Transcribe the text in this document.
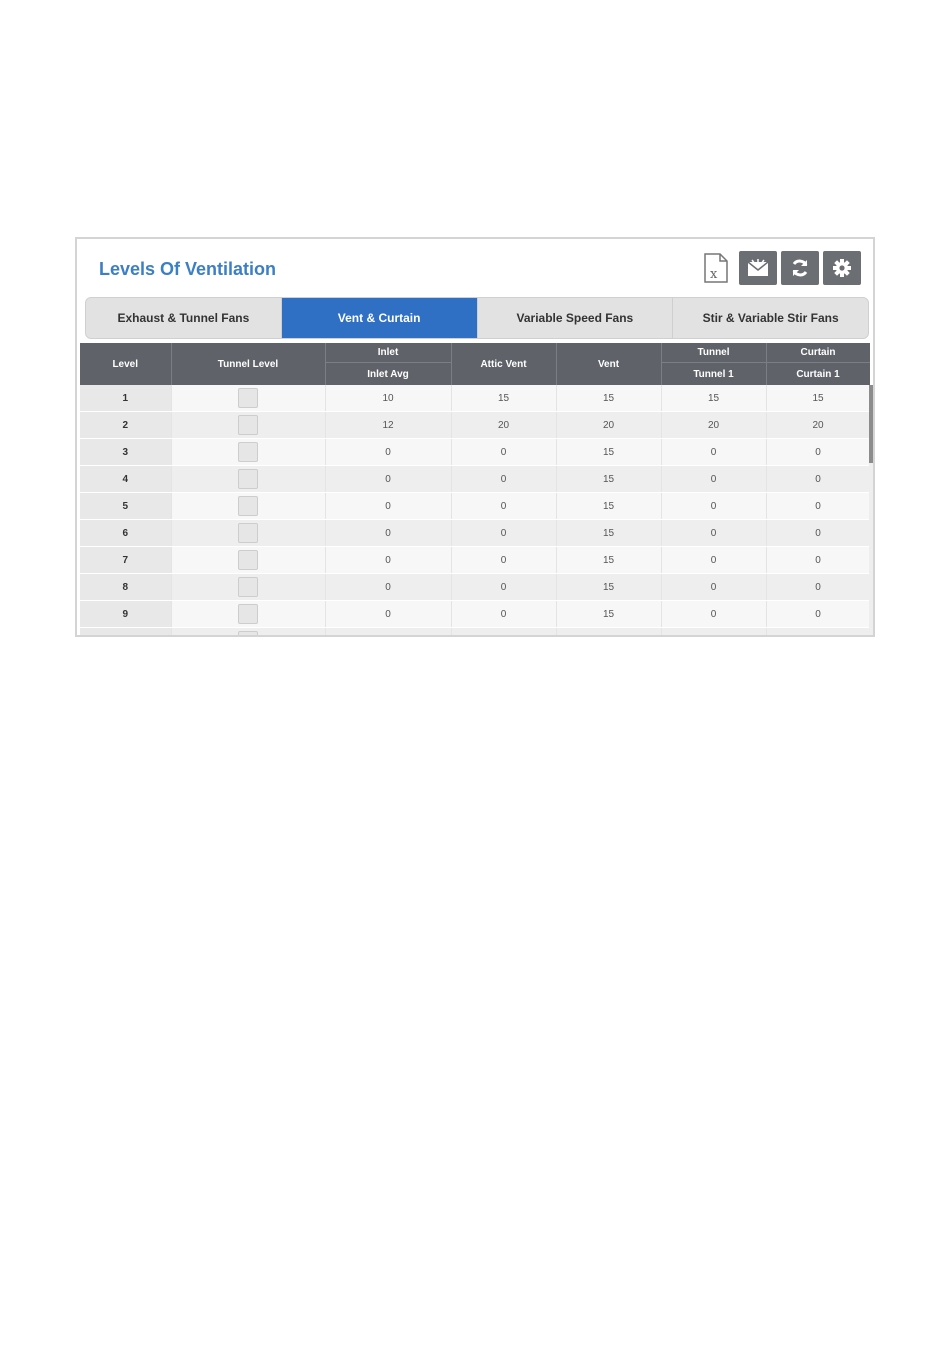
Levels Of Ventilation	x
Exhaust & Tunnel Fans	Vent & Curtain	Variable Speed Fans	Stir & Variable Stir Fans
Level	Tunnel Level	Inlet	Attic Vent	Vent	Tunnel	Curtain
		Inlet Avg			Tunnel 1	Curtain 1
1		10	15	15	15	15
2		12	20	20	20	20
3		0	0	15	0	0
4		0	0	15	0	0
5		0	0	15	0	0
6		0	0	15	0	0
7		0	0	15	0	0
8		0	0	15	0	0
9		0	0	15	0	0
